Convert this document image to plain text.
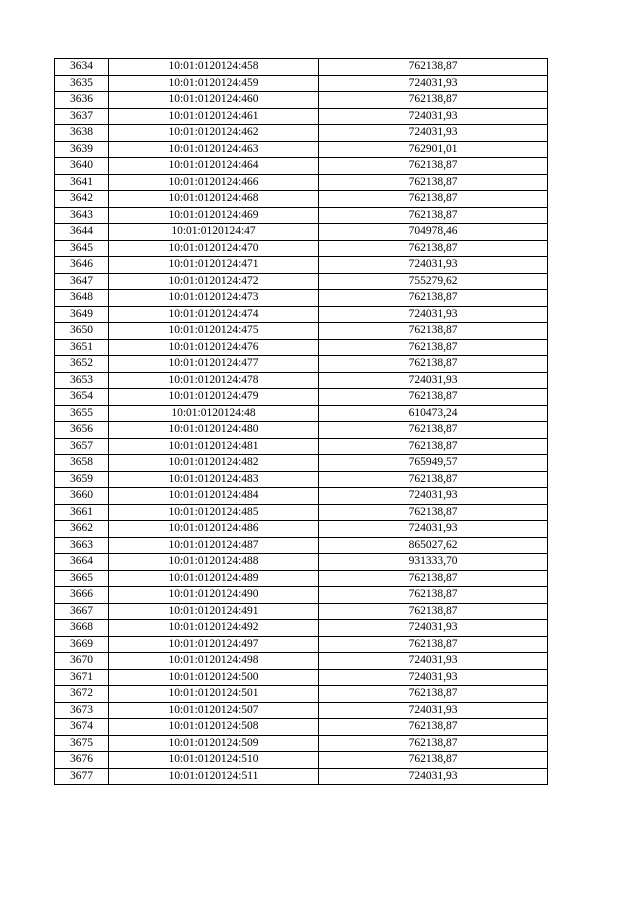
3634	10:01:0120124:458	762138,87
3635	10:01:0120124:459	724031,93
3636	10:01:0120124:460	762138,87
3637	10:01:0120124:461	724031,93
3638	10:01:0120124:462	724031,93
3639	10:01:0120124:463	762901,01
3640	10:01:0120124:464	762138,87
3641	10:01:0120124:466	762138,87
3642	10:01:0120124:468	762138,87
3643	10:01:0120124:469	762138,87
3644	10:01:0120124:47	704978,46
3645	10:01:0120124:470	762138,87
3646	10:01:0120124:471	724031,93
3647	10:01:0120124:472	755279,62
3648	10:01:0120124:473	762138,87
3649	10:01:0120124:474	724031,93
3650	10:01:0120124:475	762138,87
3651	10:01:0120124:476	762138,87
3652	10:01:0120124:477	762138,87
3653	10:01:0120124:478	724031,93
3654	10:01:0120124:479	762138,87
3655	10:01:0120124:48	610473,24
3656	10:01:0120124:480	762138,87
3657	10:01:0120124:481	762138,87
3658	10:01:0120124:482	765949,57
3659	10:01:0120124:483	762138,87
3660	10:01:0120124:484	724031,93
3661	10:01:0120124:485	762138,87
3662	10:01:0120124:486	724031,93
3663	10:01:0120124:487	865027,62
3664	10:01:0120124:488	931333,70
3665	10:01:0120124:489	762138,87
3666	10:01:0120124:490	762138,87
3667	10:01:0120124:491	762138,87
3668	10:01:0120124:492	724031,93
3669	10:01:0120124:497	762138,87
3670	10:01:0120124:498	724031,93
3671	10:01:0120124:500	724031,93
3672	10:01:0120124:501	762138,87
3673	10:01:0120124:507	724031,93
3674	10:01:0120124:508	762138,87
3675	10:01:0120124:509	762138,87
3676	10:01:0120124:510	762138,87
3677	10:01:0120124:511	724031,93
